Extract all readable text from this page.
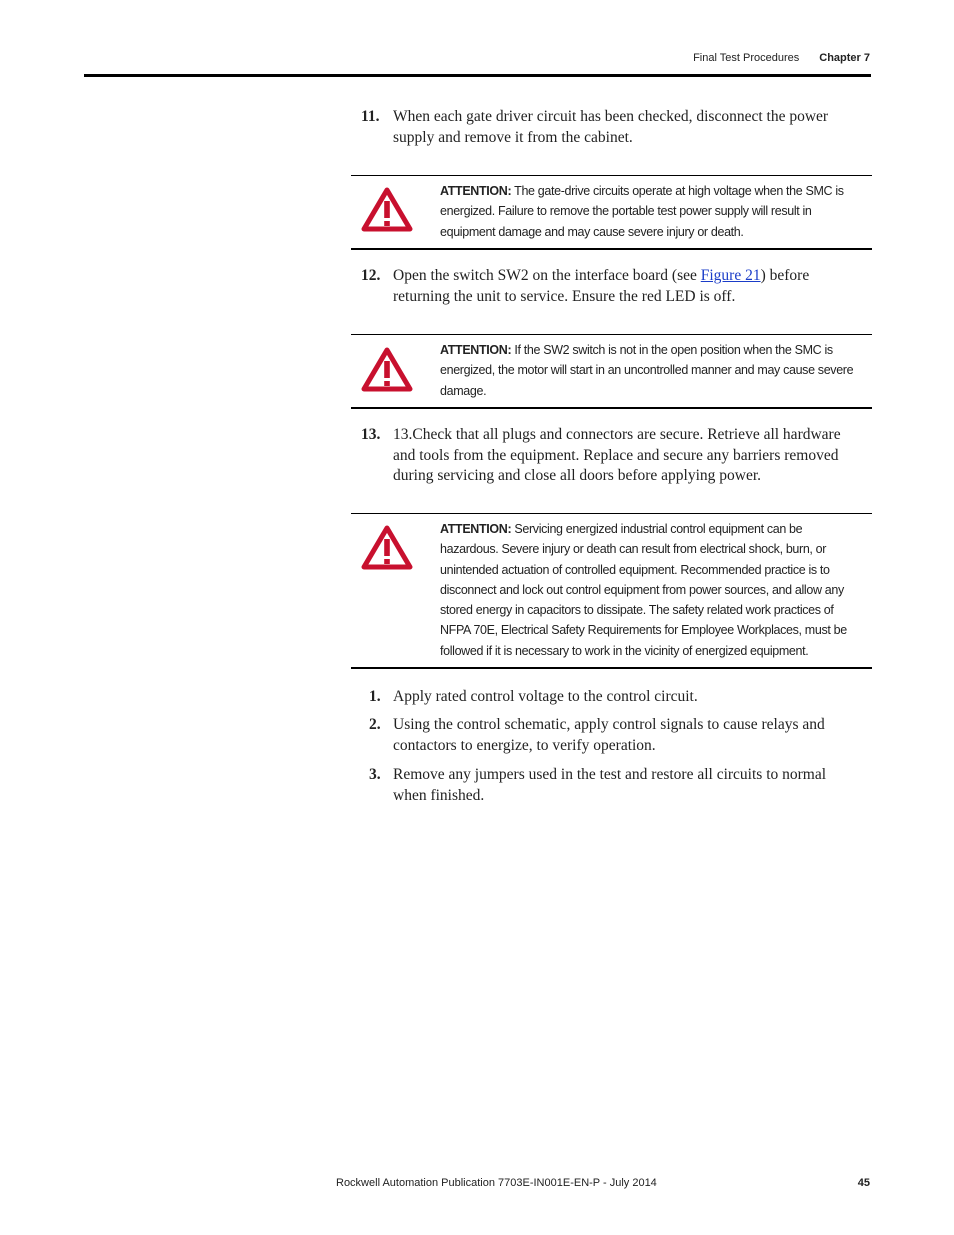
Final Test Procedures Chapter 7
11. When each gate driver circuit has been checked, disconnect the power supply and remove it from the cabinet.
ATTENTION: The gate-drive circuits operate at high voltage when the SMC is energized. Failure to remove the portable test power supply will result in equipment damage and may cause severe injury or death.
12. Open the switch SW2 on the interface board (see Figure 21) before returning the unit to service. Ensure the red LED is off.
ATTENTION: If the SW2 switch is not in the open position when the SMC is energized, the motor will start in an uncontrolled manner and may cause severe damage.
13. 13.Check that all plugs and connectors are secure. Retrieve all hardware and tools from the equipment. Replace and secure any barriers removed during servicing and close all doors before applying power.
ATTENTION: Servicing energized industrial control equipment can be hazardous. Severe injury or death can result from electrical shock, burn, or unintended actuation of controlled equipment. Recommended practice is to disconnect and lock out control equipment from power sources, and allow any stored energy in capacitors to dissipate. The safety related work practices of NFPA 70E, Electrical Safety Requirements for Employee Workplaces, must be followed if it is necessary to work in the vicinity of energized equipment.
1. Apply rated control voltage to the control circuit.
2. Using the control schematic, apply control signals to cause relays and contactors to energize, to verify operation.
3. Remove any jumpers used in the test and restore all circuits to normal when finished.
Rockwell Automation Publication 7703E-IN001E-EN-P - July 2014	45
